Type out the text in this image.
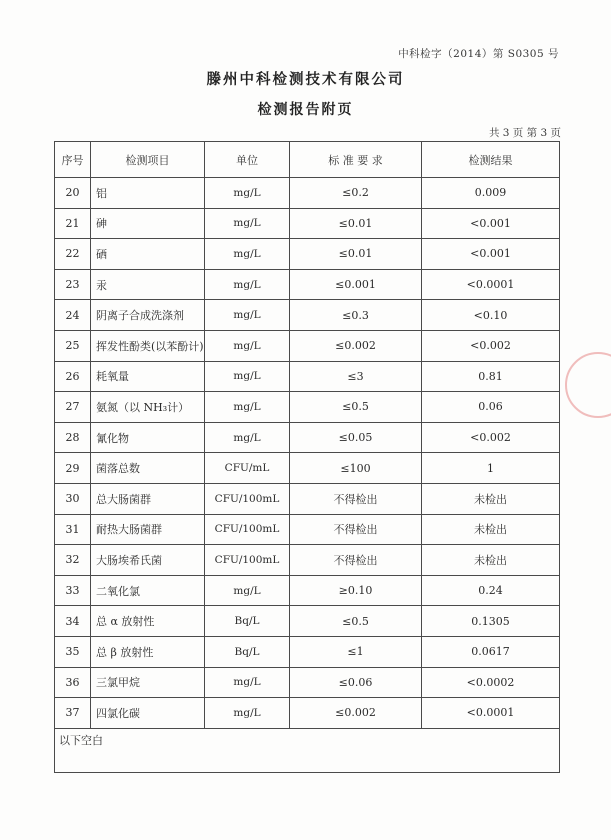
中科检字（2014）第 S0305 号
滕州中科检测技术有限公司
检测报告附页
共 3 页 第 3 页
序号	检测项目	单位	标 准 要 求	检测结果
20	铝	mg/L	≤0.2	0.009
21	砷	mg/L	≤0.01	<0.001
22	硒	mg/L	≤0.01	<0.001
23	汞	mg/L	≤0.001	<0.0001
24	阴离子合成洗涤剂	mg/L	≤0.3	<0.10
25	挥发性酚类(以苯酚计)	mg/L	≤0.002	<0.002
26	耗氧量	mg/L	≤3	0.81
27	氨氮（以 NH₃计）	mg/L	≤0.5	0.06
28	氰化物	mg/L	≤0.05	<0.002
29	菌落总数	CFU/mL	≤100	1
30	总大肠菌群	CFU/100mL	不得检出	未检出
31	耐热大肠菌群	CFU/100mL	不得检出	未检出
32	大肠埃希氏菌	CFU/100mL	不得检出	未检出
33	二氧化氯	mg/L	≥0.10	0.24
34	总 α 放射性	Bq/L	≤0.5	0.1305
35	总 β 放射性	Bq/L	≤1	0.0617
36	三氯甲烷	mg/L	≤0.06	<0.0002
37	四氯化碳	mg/L	≤0.002	<0.0001
以下空白				
